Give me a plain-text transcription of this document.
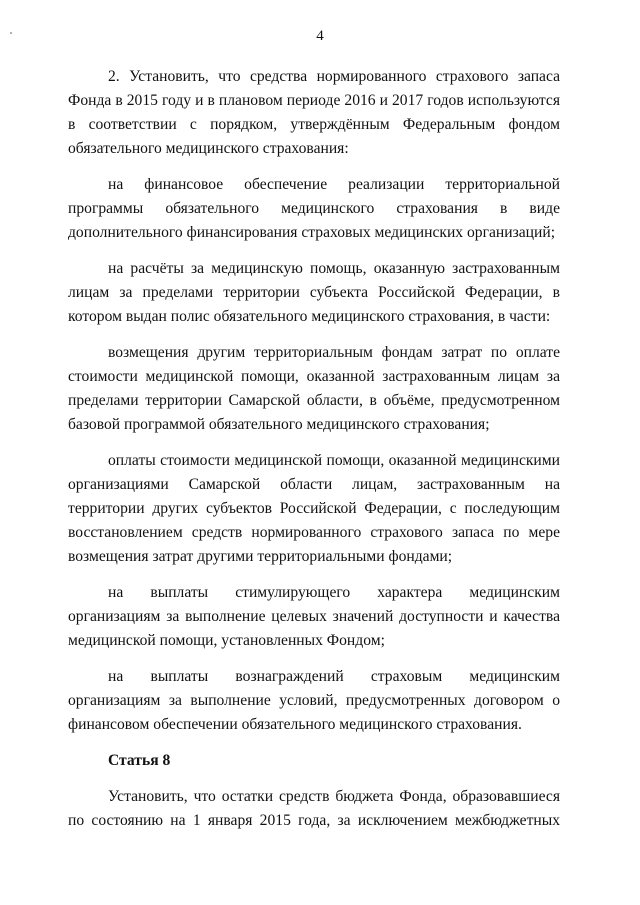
4

2. Установить, что средства нормированного страхового запаса Фонда в 2015 году и в плановом периоде 2016 и 2017 годов используются в соответствии с порядком, утверждённым Федеральным фондом обязательного медицинского страхования:

на финансовое обеспечение реализации территориальной программы обязательного медицинского страхования в виде дополнительного финансирования страховых медицинских организаций;

на расчёты за медицинскую помощь, оказанную застрахованным лицам за пределами территории субъекта Российской Федерации, в котором выдан полис обязательного медицинского страхования, в части:

возмещения другим территориальным фондам затрат по оплате стоимости медицинской помощи, оказанной застрахованным лицам за пределами территории Самарской области, в объёме, предусмотренном базовой программой обязательного медицинского страхования;

оплаты стоимости медицинской помощи, оказанной медицинскими организациями Самарской области лицам, застрахованным на территории других субъектов Российской Федерации, с последующим восстановлением средств нормированного страхового запаса по мере возмещения затрат другими территориальными фондами;

на выплаты стимулирующего характера медицинским организациям за выполнение целевых значений доступности и качества медицинской помощи, установленных Фондом;

на выплаты вознаграждений страховым медицинским организациям за выполнение условий, предусмотренных договором о финансовом обеспечении обязательного медицинского страхования.

Статья 8

Установить, что остатки средств бюджета Фонда, образовавшиеся по состоянию на 1 января 2015 года, за исключением межбюджетных
